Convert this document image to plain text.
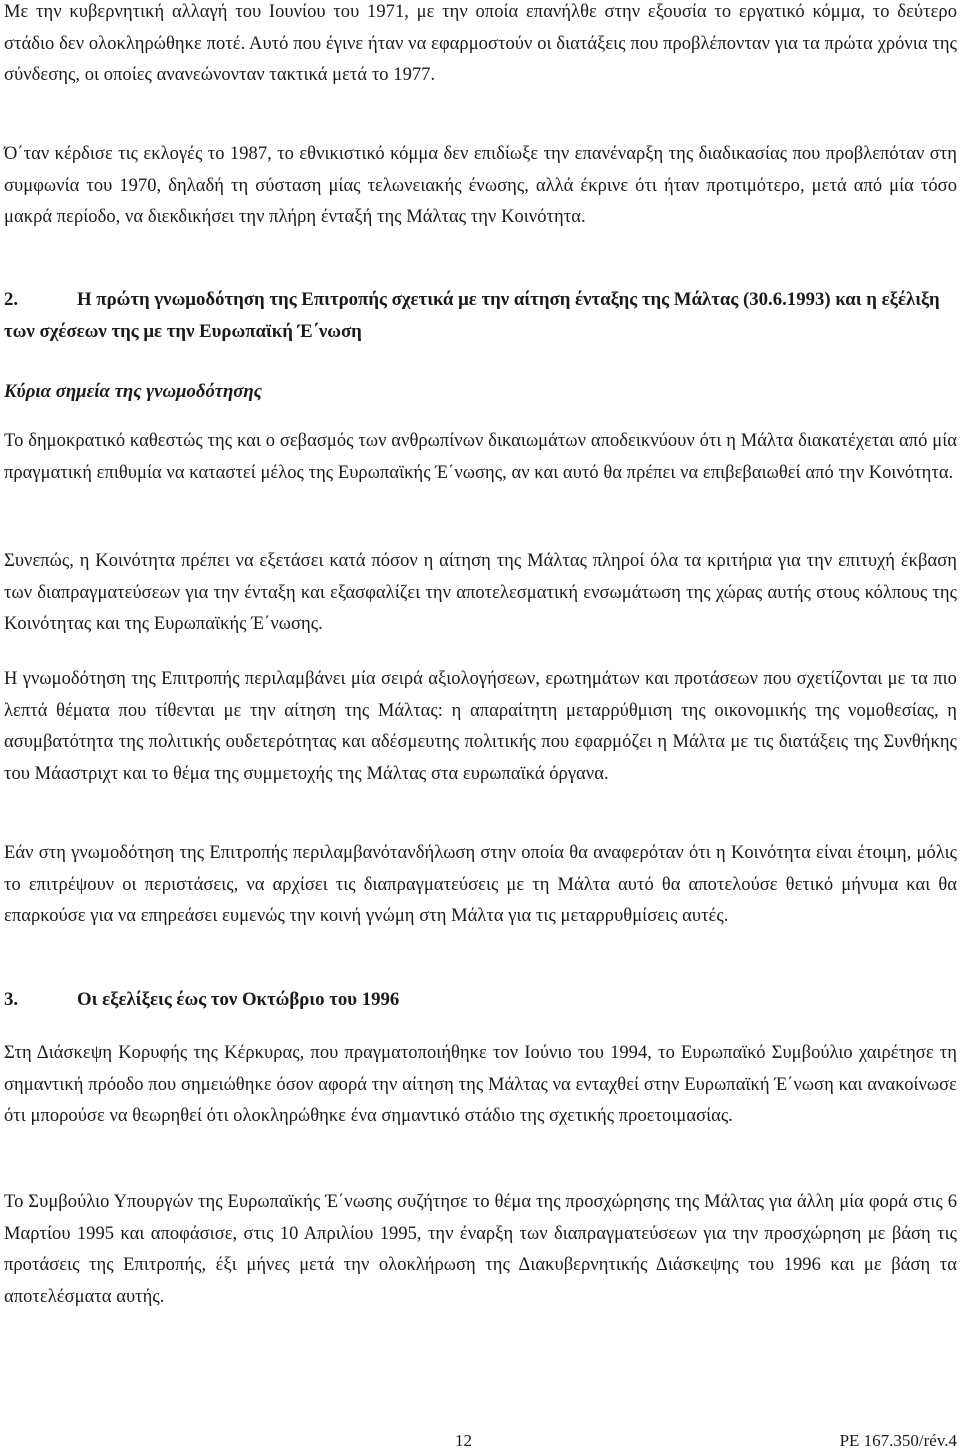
Με την κυβερνητική αλλαγή του Ιουνίου του 1971, με την οποία επανήλθε στην εξουσία το εργατικό κόμμα, το δεύτερο στάδιο δεν ολοκληρώθηκε ποτέ. Αυτό που έγινε ήταν να εφαρμοστούν οι διατάξεις που προβλέπονταν για τα πρώτα χρόνια της σύνδεσης, οι οποίες ανανεώνονταν τακτικά μετά το 1977.

Ό΄ταν κέρδισε τις εκλογές το 1987, το εθνικιστικό κόμμα δεν επιδίωξε την επανέναρξη της διαδικασίας που προβλεπόταν στη συμφωνία του 1970, δηλαδή τη σύσταση μίας τελωνειακής ένωσης, αλλά έκρινε ότι ήταν προτιμότερο, μετά από μία τόσο μακρά περίοδο, να διεκδικήσει την πλήρη ένταξή της Μάλτας την Κοινότητα.

2.	Η πρώτη γνωμοδότηση της Επιτροπής σχετικά με την αίτηση ένταξης της Μάλτας (30.6.1993) και η εξέλιξη των σχέσεων της με την Ευρωπαϊκή Έ΄νωση
Κύρια σημεία της γνωμοδότησης

Το δημοκρατικό καθεστώς της και ο σεβασμός των ανθρωπίνων δικαιωμάτων αποδεικνύουν ότι η Μάλτα διακατέχεται από μία πραγματική επιθυμία να καταστεί μέλος της Ευρωπαϊκής Έ΄νωσης, αν και αυτό θα πρέπει να επιβεβαιωθεί από την Κοινότητα.

Συνεπώς, η Κοινότητα πρέπει να εξετάσει κατά πόσον η αίτηση της Μάλτας πληροί όλα τα κριτήρια για την επιτυχή έκβαση των διαπραγματεύσεων για την ένταξη και εξασφαλίζει την αποτελεσματική ενσωμάτωση της χώρας αυτής στους κόλπους της Κοινότητας και της Ευρωπαϊκής Έ΄νωσης.

Η γνωμοδότηση της Επιτροπής περιλαμβάνει μία σειρά αξιολογήσεων, ερωτημάτων και προτάσεων που σχετίζονται με τα πιο λεπτά θέματα που τίθενται με την αίτηση της Μάλτας: η απαραίτητη μεταρρύθμιση της οικονομικής της νομοθεσίας, η ασυμβατότητα της πολιτικής ουδετερότητας και αδέσμευτης πολιτικής που εφαρμόζει η Μάλτα με τις διατάξεις της Συνθήκης του Μάαστριχτ και το θέμα της συμμετοχής της Μάλτας στα ευρωπαϊκά όργανα.

Εάν στη γνωμοδότηση της Επιτροπής περιλαμβανότανδήλωση στην οποία θα αναφερόταν ότι η Κοινότητα είναι έτοιμη, μόλις το επιτρέψουν οι περιστάσεις, να αρχίσει τις διαπραγματεύσεις με τη Μάλτα αυτό θα αποτελούσε θετικό μήνυμα και θα επαρκούσε για να επηρεάσει ευμενώς την κοινή γνώμη στη Μάλτα για τις μεταρρυθμίσεις αυτές.

3.	Οι εξελίξεις έως τον Οκτώβριο του 1996

Στη Διάσκεψη Κορυφής της Κέρκυρας, που πραγματοποιήθηκε τον Ιούνιο του 1994, το Ευρωπαϊκό Συμβούλιο χαιρέτησε τη σημαντική πρόοδο που σημειώθηκε όσον αφορά την αίτηση της Μάλτας να ενταχθεί στην Ευρωπαϊκή Έ΄νωση και ανακοίνωσε ότι μπορούσε να θεωρηθεί ότι ολοκληρώθηκε ένα σημαντικό στάδιο της σχετικής προετοιμασίας.

Το Συμβούλιο Υπουργών της Ευρωπαϊκής Έ΄νωσης συζήτησε το θέμα της προσχώρησης της Μάλτας για άλλη μία φορά στις 6 Μαρτίου 1995 και αποφάσισε, στις 10 Απριλίου 1995, την έναρξη των διαπραγματεύσεων για την προσχώρηση με βάση τις προτάσεις της Επιτροπής, έξι μήνες μετά την ολοκλήρωση της Διακυβερνητικής Διάσκεψης του 1996 και με βάση τα αποτελέσματα αυτής.

12	PE 167.350/rév.4
